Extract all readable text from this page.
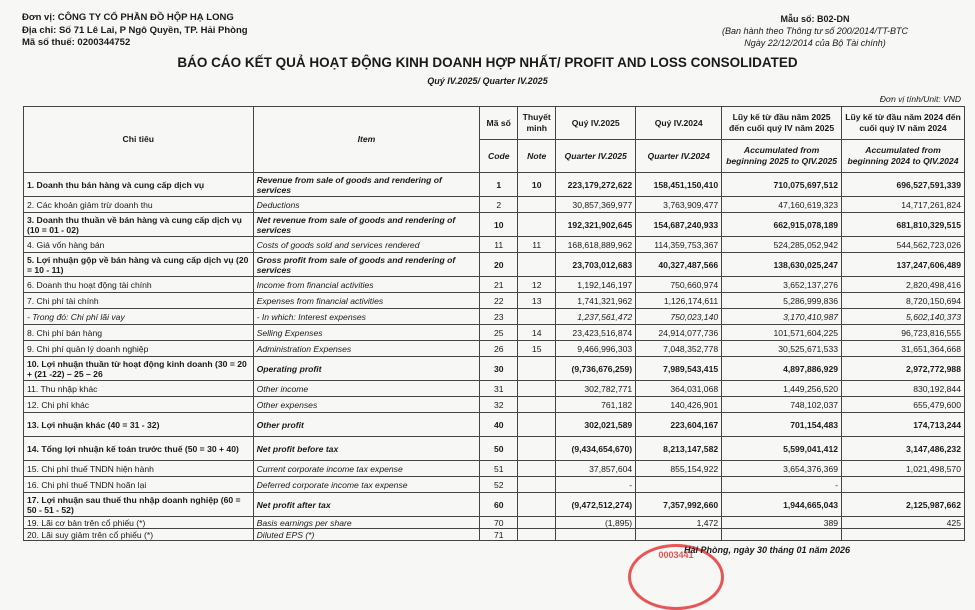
Đơn vị: CÔNG TY CỔ PHẦN ĐỒ HỘP HẠ LONG
Địa chỉ: Số 71 Lê Lai, P Ngô Quyền, TP. Hải Phòng
Mã số thuế: 0200344752
Mẫu số: B02-DN
(Ban hành theo Thông tư số 200/2014/TT-BTC
Ngày 22/12/2014 của Bộ Tài chính)
BÁO CÁO KẾT QUẢ HOẠT ĐỘNG KINH DOANH HỢP NHẤT/ PROFIT AND LOSS CONSOLIDATED
Quý IV.2025/ Quarter IV.2025
Đơn vị tính/Unit: VND
Chỉ tiêu	Item	Mã số	Thuyết minh	Quý IV.2025	Quý IV.2024	Lũy kế từ đầu năm 2025 đến cuối quý IV năm 2025	Lũy kế từ đầu năm 2024 đến cuối quý IV năm 2024
		Code	Note	Quarter IV.2025	Quarter IV.2024	Accumulated from beginning 2025 to QIV.2025	Accumulated from beginning 2024 to QIV.2024
1. Doanh thu bán hàng và cung cấp dịch vụ	Revenue from sale of goods and rendering of services	1	10	223,179,272,622	158,451,150,410	710,075,697,512	696,527,591,339
2. Các khoản giảm trừ doanh thu	Deductions	2		30,857,369,977	3,763,909,477	47,160,619,323	14,717,261,824
3. Doanh thu thuần về bán hàng và cung cấp dịch vụ (10 = 01 - 02)	Net revenue from sale of goods and rendering of services	10		192,321,902,645	154,687,240,933	662,915,078,189	681,810,329,515
4. Giá vốn hàng bán	Costs of goods sold and services rendered	11	11	168,618,889,962	114,359,753,367	524,285,052,942	544,562,723,026
5. Lợi nhuận gộp về bán hàng và cung cấp dịch vụ (20 = 10 - 11)	Gross profit from sale of goods and rendering of services	20		23,703,012,683	40,327,487,566	138,630,025,247	137,247,606,489
6. Doanh thu hoạt động tài chính	Income from financial activities	21	12	1,192,146,197	750,660,974	3,652,137,276	2,820,498,416
7. Chi phí tài chính	Expenses from financial activities	22	13	1,741,321,962	1,126,174,611	5,286,999,836	8,720,150,694
- Trong đó: Chi phí lãi vay	- In which: Interest expenses	23		1,237,561,472	750,023,140	3,170,410,987	5,602,140,373
8. Chi phí bán hàng	Selling Expenses	25	14	23,423,516,874	24,914,077,736	101,571,604,225	96,723,816,555
9. Chi phí quản lý doanh nghiệp	Administration Expenses	26	15	9,466,996,303	7,048,352,778	30,525,671,533	31,651,364,668
10. Lợi nhuận thuần từ hoạt động kinh doanh (30 = 20 + (21 -22) – 25 – 26	Operating profit	30		(9,736,676,259)	7,989,543,415	4,897,886,929	2,972,772,988
11. Thu nhập khác	Other income	31		302,782,771	364,031,068	1,449,256,520	830,192,844
12. Chi phí khác	Other expenses	32		761,182	140,426,901	748,102,037	655,479,600
13. Lợi nhuận khác (40 = 31 - 32)	Other profit	40		302,021,589	223,604,167	701,154,483	174,713,244
14. Tổng lợi nhuận kế toán trước thuế (50 = 30 + 40)	Net profit before tax	50		(9,434,654,670)	8,213,147,582	5,599,041,412	3,147,486,232
15. Chi phí thuế TNDN hiện hành	Current corporate income tax expense	51		37,857,604	855,154,922	3,654,376,369	1,021,498,570
16. Chi phí thuế TNDN hoãn lại	Deferred corporate income tax expense	52		-		-	
17. Lợi nhuận sau thuế thu nhập doanh nghiệp (60 = 50 - 51 - 52)	Net profit after tax	60		(9,472,512,274)	7,357,992,660	1,944,665,043	2,125,987,662
19. Lãi cơ bản trên cổ phiếu (*)	Basis earnings per share	70		(1,895)	1,472	389	425
20. Lãi suy giảm trên cổ phiếu (*)	Diluted EPS (*)	71					
0003441
Hải Phòng, ngày 30 tháng 01 năm 2026
